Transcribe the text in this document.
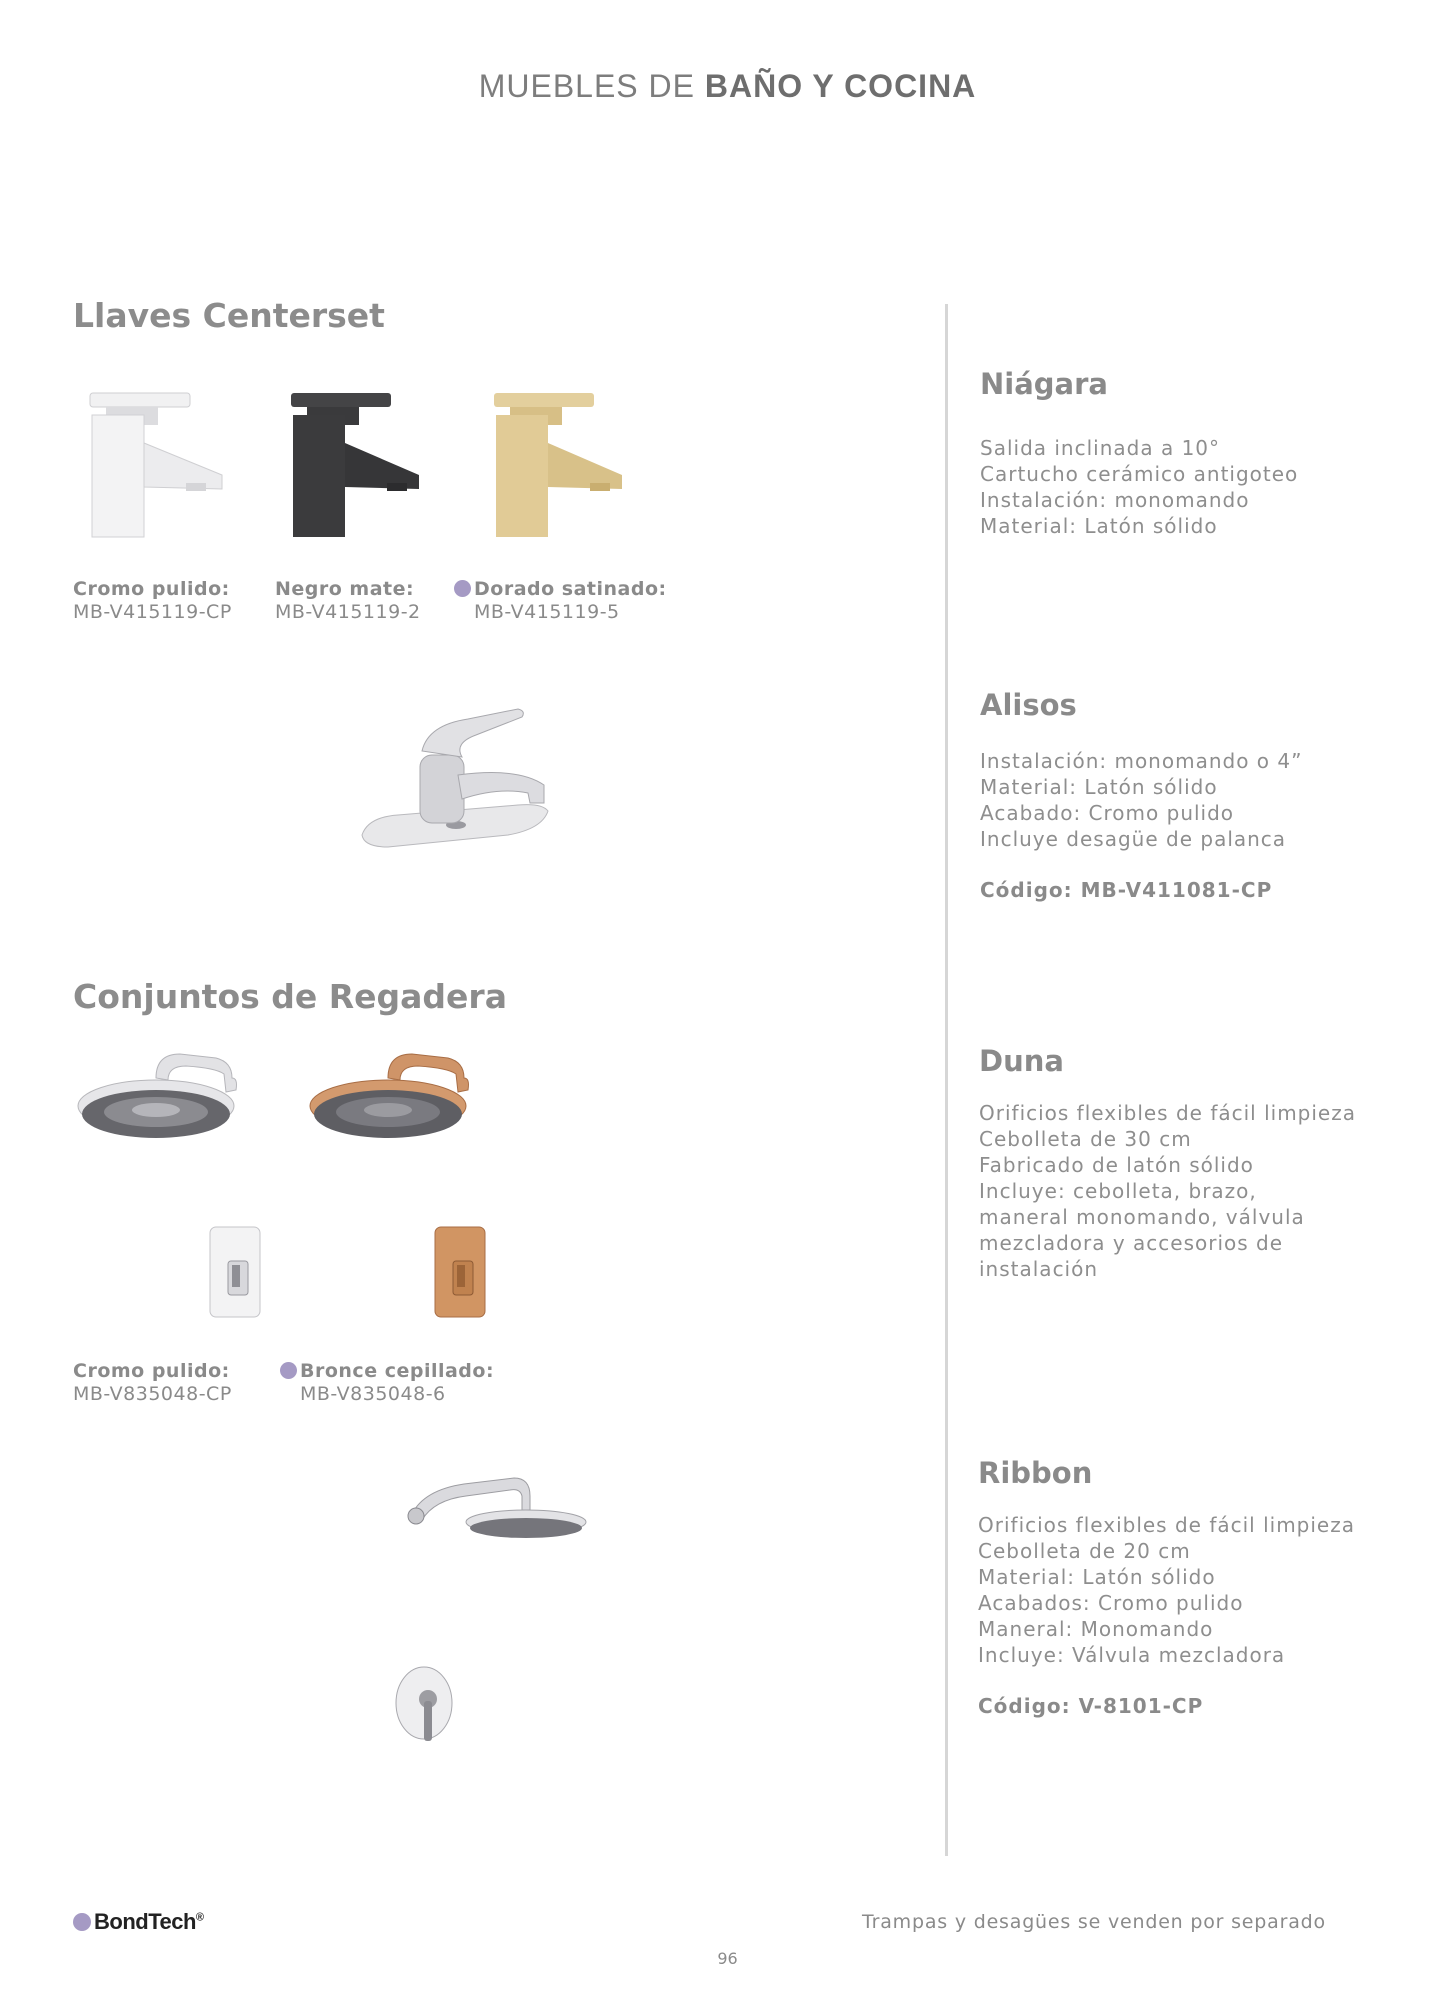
MUEBLES DE BAÑO Y COCINA
Llaves Centerset
Cromo pulido:
MB-V415119-CP
Negro mate:
MB-V415119-2
Dorado satinado:
MB-V415119-5
Conjuntos de Regadera
Cromo pulido:
MB-V835048-CP
Bronce cepillado:
MB-V835048-6
Niágara
Salida inclinada a 10°
Cartucho cerámico antigoteo
Instalación: monomando
Material: Latón sólido
Alisos
Instalación: monomando o 4”
Material: Latón sólido
Acabado: Cromo pulido
Incluye desagüe de palanca
Código: MB-V411081-CP
Duna
Orificios flexibles de fácil limpieza
Cebolleta de 30 cm
Fabricado de latón sólido
Incluye: cebolleta, brazo,
maneral monomando, válvula
mezcladora y accesorios de
instalación
Ribbon
Orificios flexibles de fácil limpieza
Cebolleta de 20 cm
Material: Latón sólido
Acabados: Cromo pulido
Maneral: Monomando
Incluye: Válvula mezcladora
Código: V-8101-CP
BondTech®	Trampas y desagües se venden por separado
96
